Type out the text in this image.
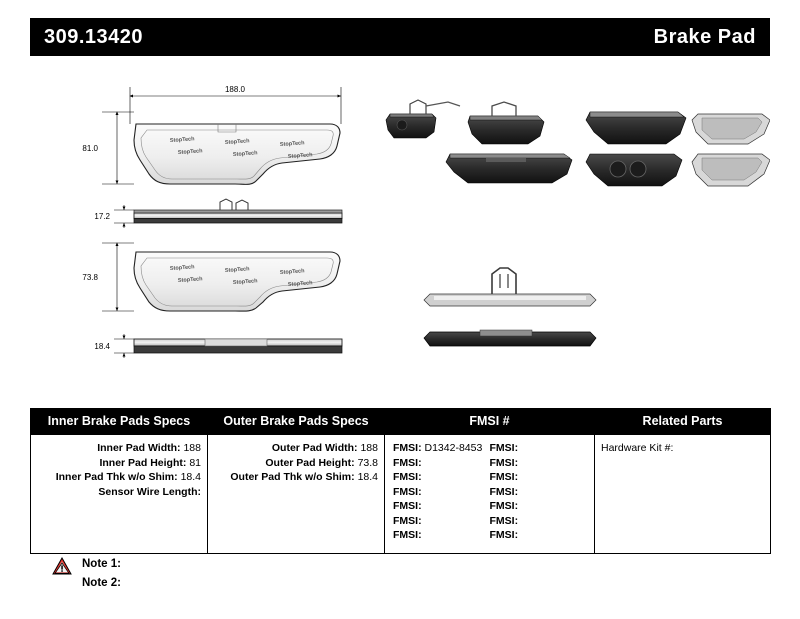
309.13420	Brake Pad
188.0
81.0
StopTech	StopTech	StopTech
StopTech	StopTech	StopTech
17.2
73.8
StopTech	StopTech	StopTech
StopTech	StopTech	StopTech
18.4
Inner Brake Pads Specs	Outer Brake Pads Specs	FMSI #	Related Parts

Inner Pad Width: 188
Inner Pad Height: 81
Inner Pad Thk w/o Shim: 18.4
Sensor Wire Length:

Outer Pad Width: 188
Outer Pad Height: 73.8
Outer Pad Thk w/o Shim: 18.4

FMSI: D1342-8453
FMSI:
FMSI:
FMSI:
FMSI:
FMSI:
FMSI:
FMSI:
FMSI:
FMSI:
FMSI:
FMSI:
FMSI:
FMSI:

Hardware Kit #:
Note 1:
Note 2:
